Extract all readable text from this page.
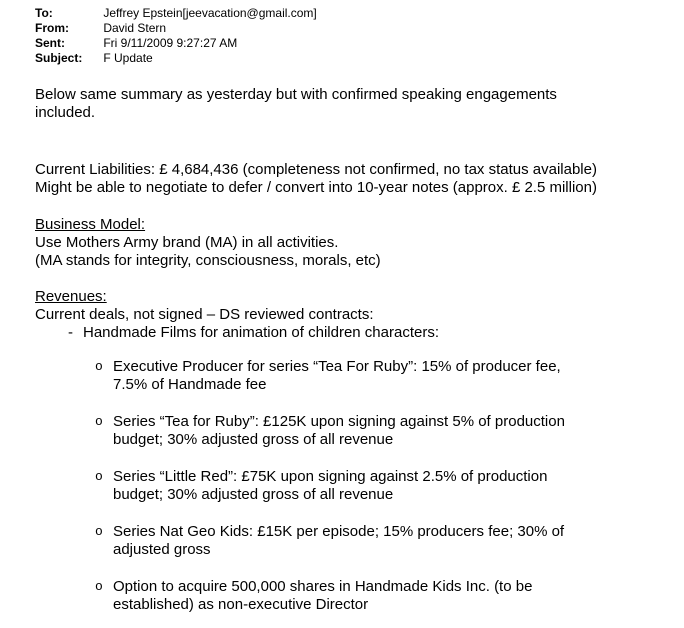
To:	Jeffrey Epstein[jeevacation@gmail.com]
From:	David Stern
Sent:	Fri 9/11/2009 9:27:27 AM
Subject: F Update
Below same summary as yesterday but with confirmed speaking engagements
included.
Current Liabilities: £ 4,684,436 (completeness not confirmed, no tax status available)
Might be able to negotiate to defer / convert into 10-year notes (approx. £ 2.5 million)
Business Model:
Use Mothers Army brand (MA) in all activities.
(MA stands for integrity, consciousness, morals, etc)
Revenues:
Current deals, not signed – DS reviewed contracts:
- Handmade Films for animation of children characters:
o Executive Producer for series “Tea For Ruby”: 15% of producer fee,
7.5% of Handmade fee
o Series “Tea for Ruby”: £125K upon signing against 5% of production
budget; 30% adjusted gross of all revenue
o Series “Little Red”: £75K upon signing against 2.5% of production
budget; 30% adjusted gross of all revenue
o Series Nat Geo Kids: £15K per episode; 15% producers fee; 30% of
adjusted gross
o Option to acquire 500,000 shares in Handmade Kids Inc. (to be
established) as non-executive Director
